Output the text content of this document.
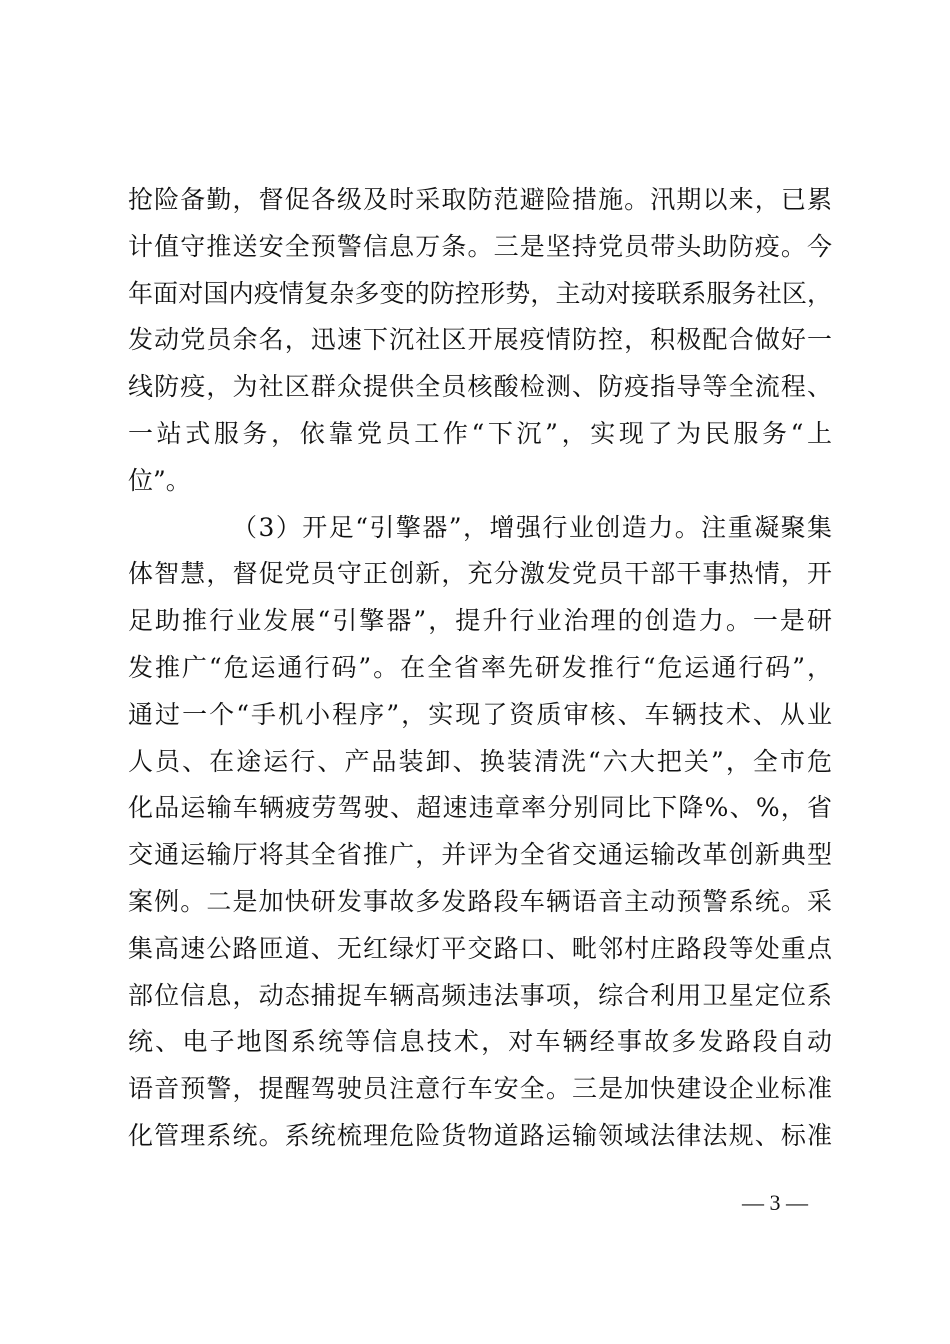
抢险备勤，督促各级及时采取防范避险措施。汛期以来，已累
计值守推送安全预警信息万条。三是坚持党员带头助防疫。今
年面对国内疫情复杂多变的防控形势，主动对接联系服务社区，
发动党员余名，迅速下沉社区开展疫情防控，积极配合做好一
线防疫，为社区群众提供全员核酸检测、防疫指导等全流程、
一站式服务，依靠党员工作“下沉”，实现了为民服务“上
位”。
（3）开足“引擎器”，增强行业创造力。注重凝聚集
体智慧，督促党员守正创新，充分激发党员干部干事热情，开
足助推行业发展“引擎器”，提升行业治理的创造力。一是研
发推广“危运通行码”。在全省率先研发推行“危运通行码”，
通过一个“手机小程序”，实现了资质审核、车辆技术、从业
人员、在途运行、产品装卸、换装清洗“六大把关”，全市危
化品运输车辆疲劳驾驶、超速违章率分别同比下降%、%，省
交通运输厅将其全省推广，并评为全省交通运输改革创新典型
案例。二是加快研发事故多发路段车辆语音主动预警系统。采
集高速公路匝道、无红绿灯平交路口、毗邻村庄路段等处重点
部位信息，动态捕捉车辆高频违法事项，综合利用卫星定位系
统、电子地图系统等信息技术，对车辆经事故多发路段自动
语音预警，提醒驾驶员注意行车安全。三是加快建设企业标准
化管理系统。系统梳理危险货物道路运输领域法律法规、标准
— 3 —
